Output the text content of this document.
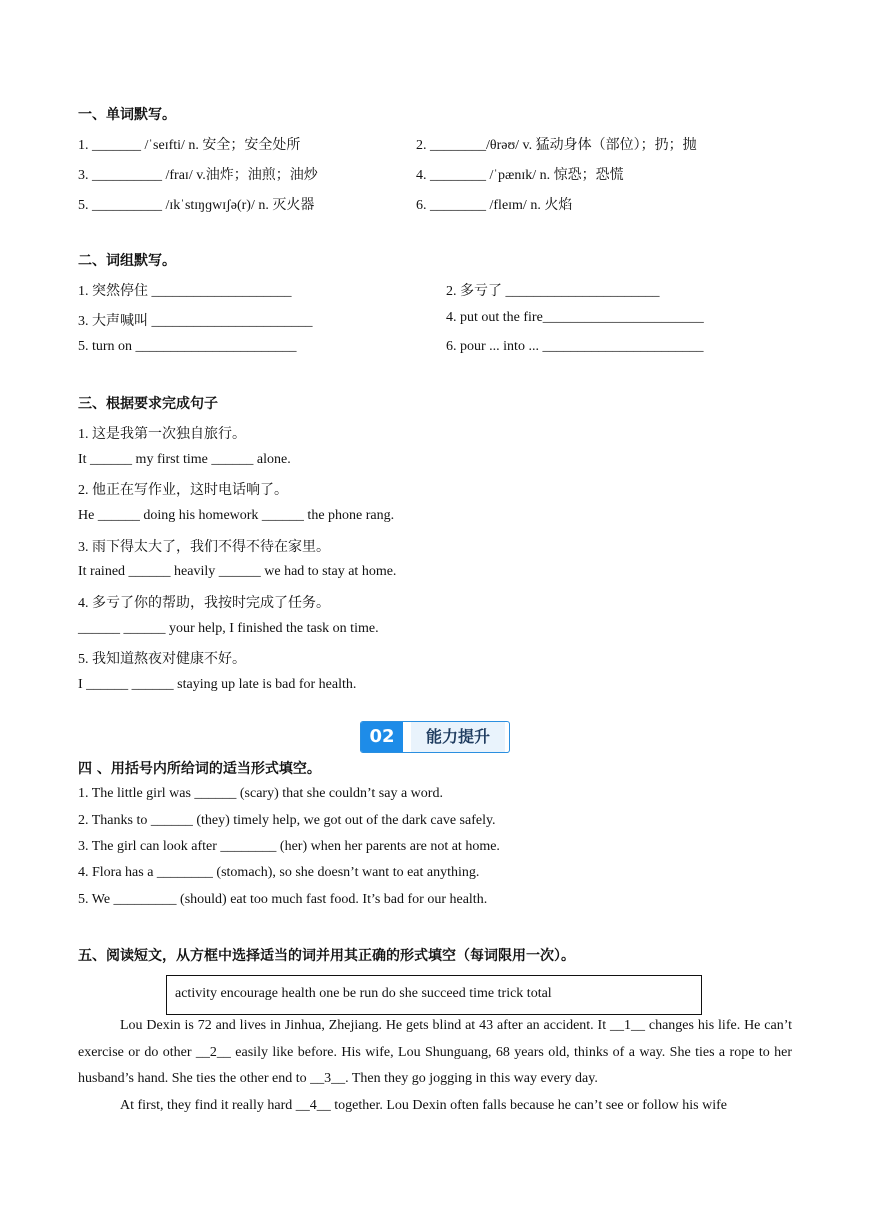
一、单词默写。
1. _______ /ˈseɪfti/ n. 安全；安全处所	2. ________/θrəʊ/ v. 猛动身体（部位）；扔；抛
3. __________ /fraɪ/ v.油炸；油煎；油炒	4. ________ /ˈpænɪk/ n. 惊恐；恐慌
5. __________ /ɪkˈstɪŋɡwɪʃə(r)/ n. 灭火器	6. ________ /fleɪm/ n. 火焰
二、词组默写。
1. 突然停住 ____________________	2. 多亏了 ______________________
3. 大声喊叫 _______________________	4. put out the fire_______________________
5. turn on _______________________	6. pour ... into ... _______________________
三、根据要求完成句子
1. 这是我第一次独自旅行。
It ______ my first time ______ alone.
2. 他正在写作业，这时电话响了。
He ______ doing his homework ______ the phone rang.
3. 雨下得太大了，我们不得不待在家里。
It rained ______ heavily ______ we had to stay at home.
4. 多亏了你的帮助，我按时完成了任务。
______ ______ your help, I finished the task on time.
5. 我知道熬夜对健康不好。
I ______ ______ staying up late is bad for health.
02	能力提升
四 、用括号内所给词的适当形式填空。
1. The little girl was ______ (scary) that she couldn’t say a word.
2. Thanks to ______ (they) timely help, we got out of the dark cave safely.
3. The girl can look after ________ (her) when her parents are not at home.
4. Flora has a ________ (stomach), so she doesn’t want to eat anything.
5. We _________ (should) eat too much fast food. It’s bad for our health.
五、阅读短文，从方框中选择适当的词并用其正确的形式填空（每词限用一次）。
activity encourage health one be run do she succeed time trick total
Lou Dexin is 72 and lives in Jinhua, Zhejiang. He gets blind at 43 after an accident. It __1__ changes his life. He can’t exercise or do other __2__ easily like before. His wife, Lou Shunguang, 68 years old, thinks of a way. She ties a rope to her husband’s hand. She ties the other end to __3__. Then they go jogging in this way every day.
At first, they find it really hard __4__ together. Lou Dexin often falls because he can’t see or follow his wife
